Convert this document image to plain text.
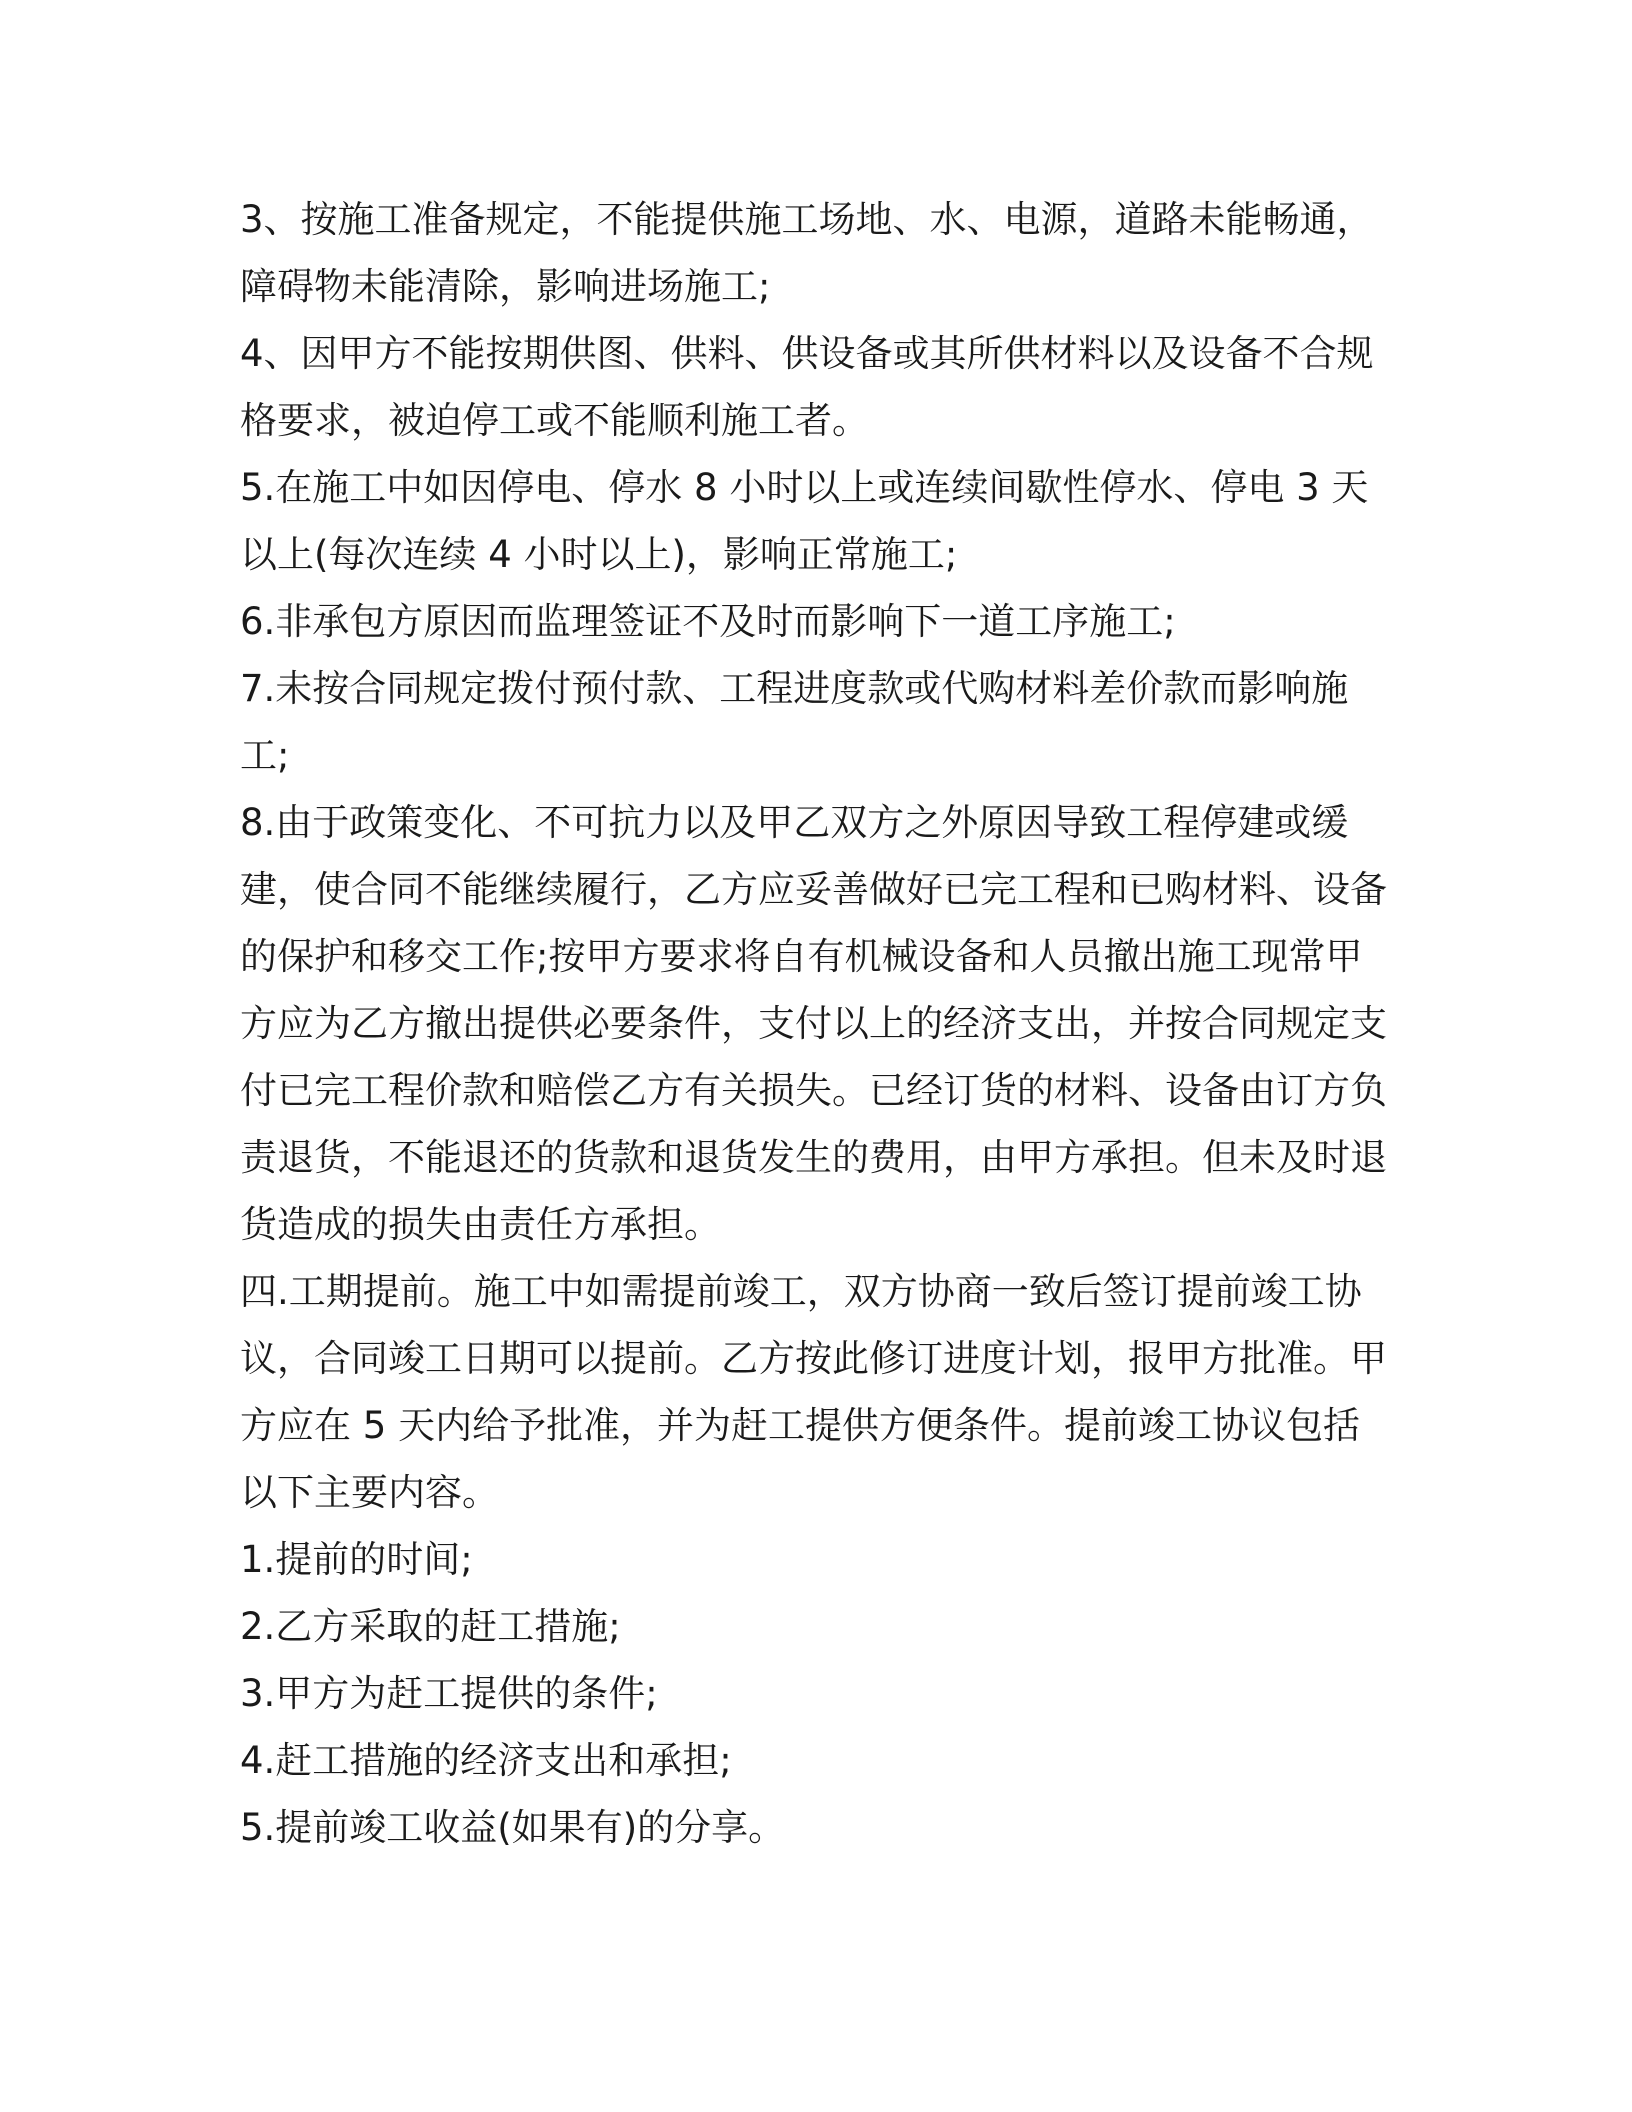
3、按施工准备规定，不能提供施工场地、水、电源，道路未能畅通，障碍物未能清除，影响进场施工;

4、因甲方不能按期供图、供料、供设备或其所供材料以及设备不合规格要求，被迫停工或不能顺利施工者。

5.在施工中如因停电、停水 8 小时以上或连续间歇性停水、停电 3 天以上(每次连续 4 小时以上)，影响正常施工;

6.非承包方原因而监理签证不及时而影响下一道工序施工;

7.未按合同规定拨付预付款、工程进度款或代购材料差价款而影响施工;

8.由于政策变化、不可抗力以及甲乙双方之外原因导致工程停建或缓建，使合同不能继续履行，乙方应妥善做好已完工程和已购材料、设备的保护和移交工作;按甲方要求将自有机械设备和人员撤出施工现常甲方应为乙方撤出提供必要条件，支付以上的经济支出，并按合同规定支付已完工程价款和赔偿乙方有关损失。已经订货的材料、设备由订方负责退货，不能退还的货款和退货发生的费用，由甲方承担。但未及时退货造成的损失由责任方承担。

四.工期提前。施工中如需提前竣工，双方协商一致后签订提前竣工协议，合同竣工日期可以提前。乙方按此修订进度计划，报甲方批准。甲方应在 5 天内给予批准，并为赶工提供方便条件。提前竣工协议包括以下主要内容。

1.提前的时间;

2.乙方采取的赶工措施;

3.甲方为赶工提供的条件;

4.赶工措施的经济支出和承担;

5.提前竣工收益(如果有)的分享。
